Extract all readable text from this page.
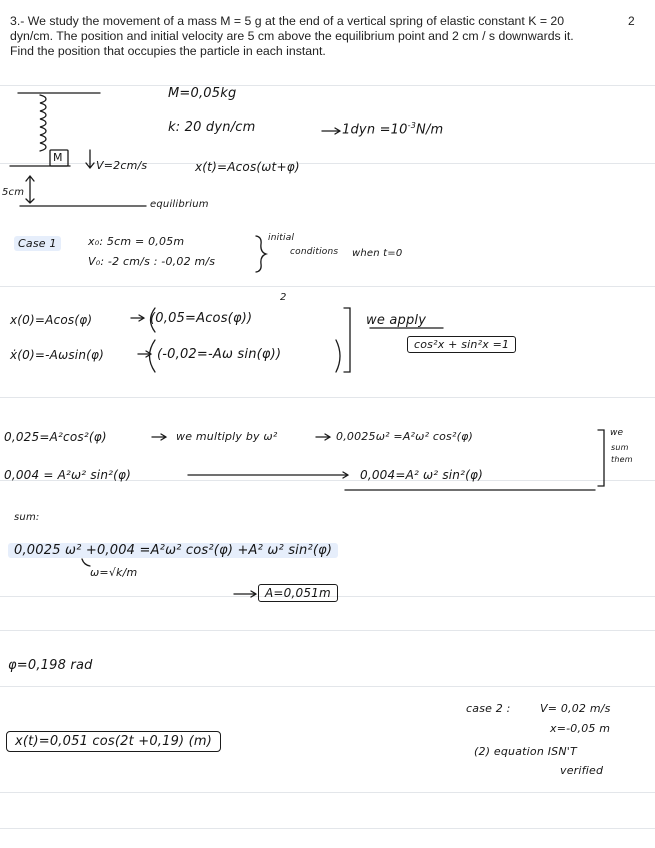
3.- We study the movement of a mass M = 5 g at the end of a vertical spring of elastic constant K = 20 dyn/cm. The position and initial velocity are 5 cm above the equilibrium point and 2 cm / s downwards it. Find the position that occupies the particle in each instant.
2
M=0,05kg
k: 20 dyn/cm	$1dyn =10^{-3}N/m$
x(t)=Acos(ωt+φ)
M
V=2cm/s
5cm
equilibrium
Case 1	x₀: 5cm = 0,05m
V₀: -2 cm/s : -0,02 m/s
initial
conditions when t=0
x(0)=Acos(φ)	(0,05=Acos(φ))
2
ẋ(0)=-Aωsin(φ)	(-0,02=-Aω sin(φ))
we apply
cos²x + sin²x =1
0,025=A²cos²(φ)	we multiply by ω²	0,0025ω² =A²ω² cos²(φ)
0,004 = A²ω² sin²(φ)	0,004=A² ω² sin²(φ)
we
sum
them
sum:
0,0025 ω² +0,004 =A²ω² cos²(φ) +A² ω² sin²(φ)
ω=√k/m
A=0,051m
φ=0,198 rad
x(t)=0,051 cos(2t +0,19) (m)
case 2 :	V= 0,02 m/s
x=-0,05 m
(2) equation ISN'T
verified
